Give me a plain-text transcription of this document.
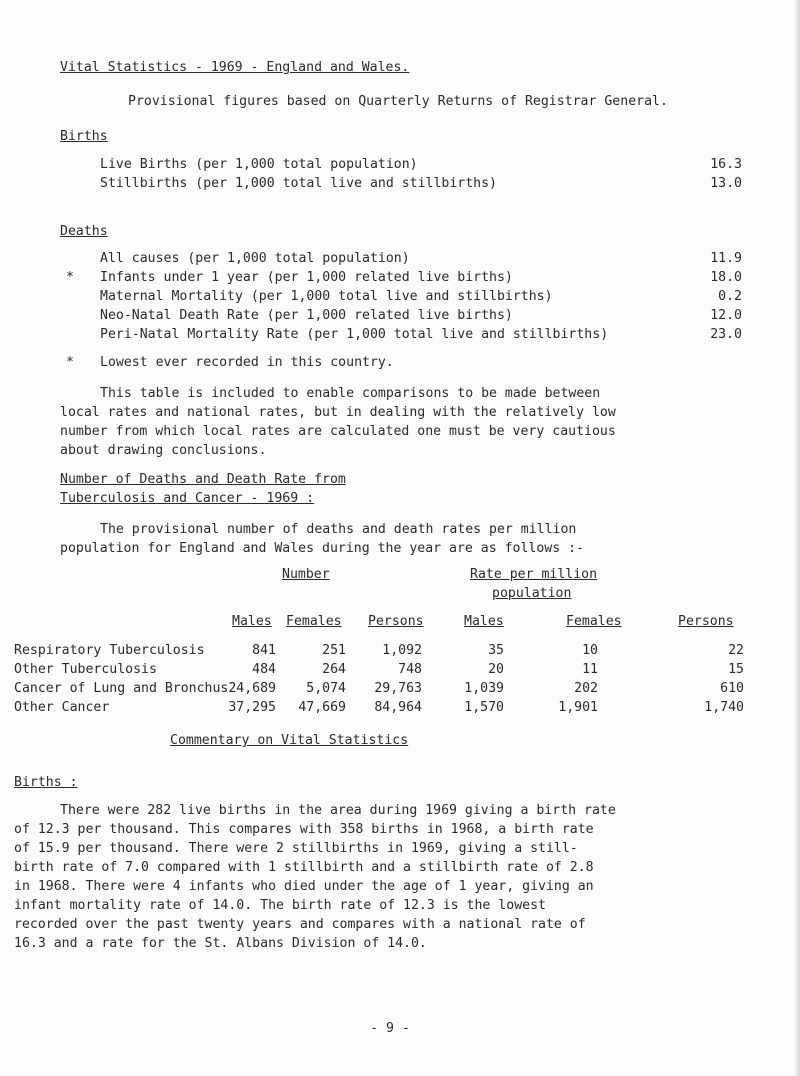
Vital Statistics - 1969 - England and Wales.
Provisional figures based on Quarterly Returns of Registrar General.
Births
Live Births (per 1,000 total population)	16.3
Stillbirths (per 1,000 total live and stillbirths)	13.0
Deaths
*
All causes (per 1,000 total population)	11.9
Infants under 1 year (per 1,000 related live births)	18.0
Maternal Mortality (per 1,000 total live and stillbirths)	0.2
Neo-Natal Death Rate (per 1,000 related live births)	12.0
Peri-Natal Mortality Rate (per 1,000 total live and stillbirths)	23.0
* Lowest ever recorded in this country.
This table is included to enable comparisons to be made between
local rates and national rates, but in dealing with the relatively low
number from which local rates are calculated one must be very cautious
about drawing conclusions.
Number of Deaths and Death Rate from
Tuberculosis and Cancer - 1969 :
The provisional number of deaths and death rates per million
population for England and Wales during the year are as follows :-
Number	Rate per million
population
Males Females Persons	Males	Females	Persons
Respiratory Tuberculosis	841	251	1,092	35	10	22
Other Tuberculosis	484	264	748	20	11	15
Cancer of Lung and Bronchus 24,689	5,074	29,763	1,039	202	610
Other Cancer	37,295	47,669	84,964	1,570	1,901	1,740
Commentary on Vital Statistics
Births :
There were 282 live births in the area during 1969 giving a birth rate
of 12.3 per thousand. This compares with 358 births in 1968, a birth rate
of 15.9 per thousand. There were 2 stillbirths in 1969, giving a still-
birth rate of 7.0 compared with 1 stillbirth and a stillbirth rate of 2.8
in 1968. There were 4 infants who died under the age of 1 year, giving an
infant mortality rate of 14.0. The birth rate of 12.3 is the lowest
recorded over the past twenty years and compares with a national rate of
16.3 and a rate for the St. Albans Division of 14.0.
- 9 -
